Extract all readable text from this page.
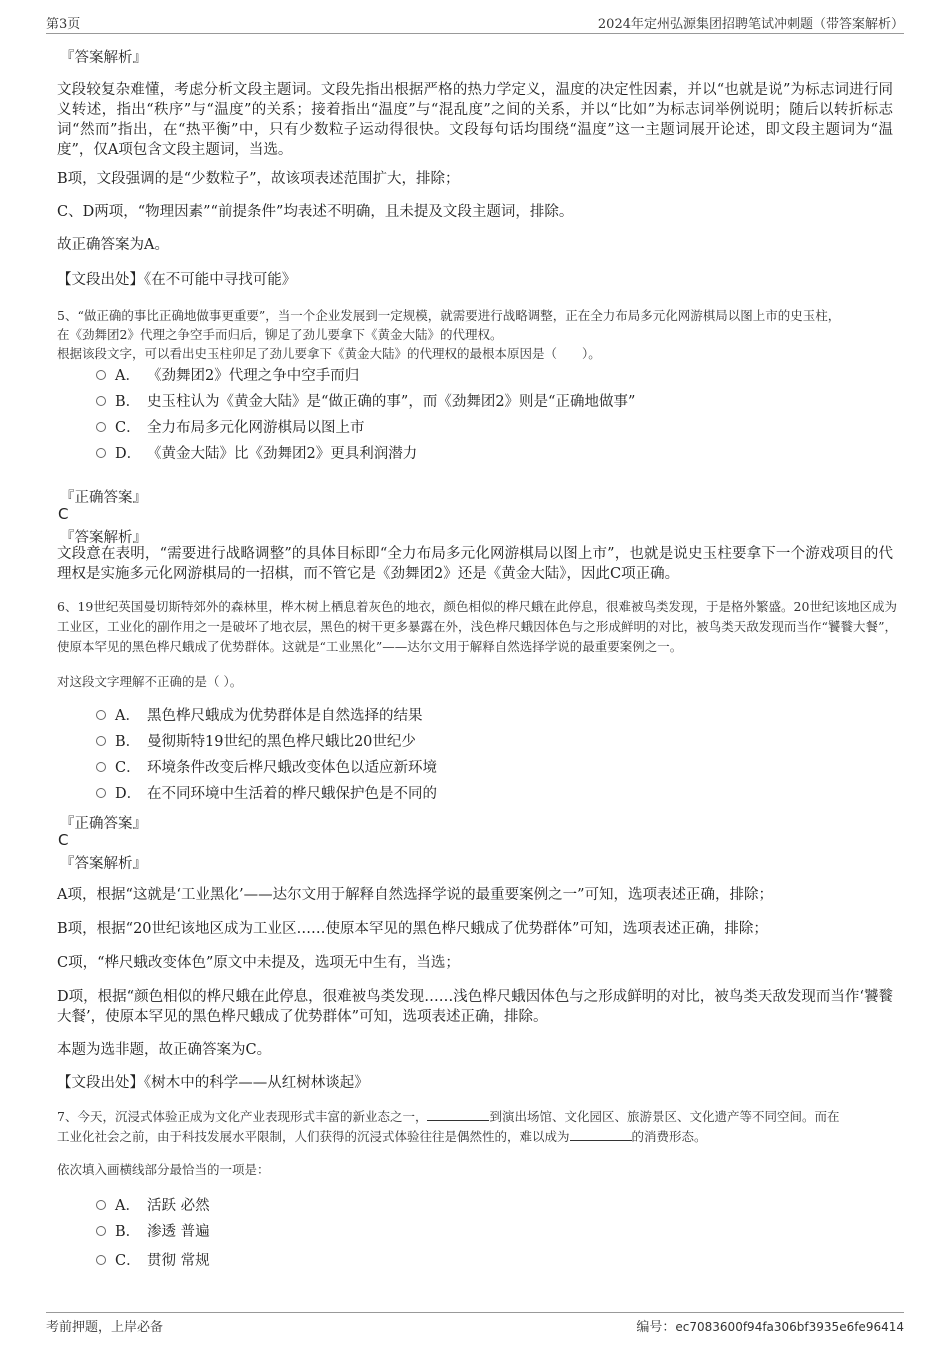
第3页	2024年定州弘源集团招聘笔试冲刺题（带答案解析）
『答案解析』
文段较复杂难懂，考虑分析文段主题词。文段先指出根据严格的热力学定义，温度的决定性因素，并以“也就是说”为标志词进行同义转述，指出“秩序”与“温度”的关系；接着指出“温度”与“混乱度”之间的关系，并以“比如”为标志词举例说明；随后以转折标志词“然而”指出，在“热平衡”中，只有少数粒子运动得很快。文段每句话均围绕“温度”这一主题词展开论述，即文段主题词为“温度”，仅A项包含文段主题词，当选。
B项，文段强调的是“少数粒子”，故该项表述范围扩大，排除；
C、D两项，“物理因素”“前提条件”均表述不明确，且未提及文段主题词，排除。
故正确答案为A。
【文段出处】《在不可能中寻找可能》
5、“做正确的事比正确地做事更重要”，当一个企业发展到一定规模，就需要进行战略调整，正在全力布局多元化网游棋局以图上市的史玉柱，
在《劲舞团2》代理之争空手而归后，铆足了劲儿要拿下《黄金大陆》的代理权。
根据该段文字，可以看出史玉柱卯足了劲儿要拿下《黄金大陆》的代理权的最根本原因是（　　）。
A． 《劲舞团2》代理之争中空手而归
B． 史玉柱认为《黄金大陆》是“做正确的事”，而《劲舞团2》则是“正确地做事”
C． 全力布局多元化网游棋局以图上市
D． 《黄金大陆》比《劲舞团2》更具利润潜力
『正确答案』
C
『答案解析』
文段意在表明，“需要进行战略调整”的具体目标即“全力布局多元化网游棋局以图上市”，也就是说史玉柱要拿下一个游戏项目的代理权是实施多元化网游棋局的一招棋，而不管它是《劲舞团2》还是《黄金大陆》，因此C项正确。
6、19世纪英国曼切斯特郊外的森林里，桦木树上栖息着灰色的地衣，颜色相似的桦尺蛾在此停息，很难被鸟类发现，于是格外繁盛。20世纪该地区成为工业区，工业化的副作用之一是破坏了地衣层，黑色的树干更多暴露在外，浅色桦尺蛾因体色与之形成鲜明的对比，被鸟类天敌发现而当作“饕餮大餐”，使原本罕见的黑色桦尺蛾成了优势群体。这就是“工业黑化”——达尔文用于解释自然选择学说的最重要案例之一。
对这段文字理解不正确的是（ ）。
A． 黑色桦尺蛾成为优势群体是自然选择的结果
B． 曼彻斯特19世纪的黑色桦尺蛾比20世纪少
C． 环境条件改变后桦尺蛾改变体色以适应新环境
D． 在不同环境中生活着的桦尺蛾保护色是不同的
『正确答案』
C
『答案解析』
A项，根据“这就是‘工业黑化’——达尔文用于解释自然选择学说的最重要案例之一”可知，选项表述正确，排除；
B项，根据“20世纪该地区成为工业区……使原本罕见的黑色桦尺蛾成了优势群体”可知，选项表述正确，排除；
C项，“桦尺蛾改变体色”原文中未提及，选项无中生有，当选；
D项，根据“颜色相似的桦尺蛾在此停息，很难被鸟类发现……浅色桦尺蛾因体色与之形成鲜明的对比，被鸟类天敌发现而当作‘饕餮大餐’，使原本罕见的黑色桦尺蛾成了优势群体”可知，选项表述正确，排除。
本题为选非题，故正确答案为C。
【文段出处】《树木中的科学——从红树林谈起》
7、今天，沉浸式体验正成为文化产业表现形式丰富的新业态之一，	到演出场馆、文化园区、旅游景区、文化遗产等不同空间。而在
工业化社会之前，由于科技发展水平限制，人们获得的沉浸式体验往往是偶然性的，难以成为	的消费形态。
依次填入画横线部分最恰当的一项是：
A． 活跃 必然
B． 渗透 普遍
C． 贯彻 常规
考前押题，上岸必备	编号：ec7083600f94fa306bf3935e6fe96414
